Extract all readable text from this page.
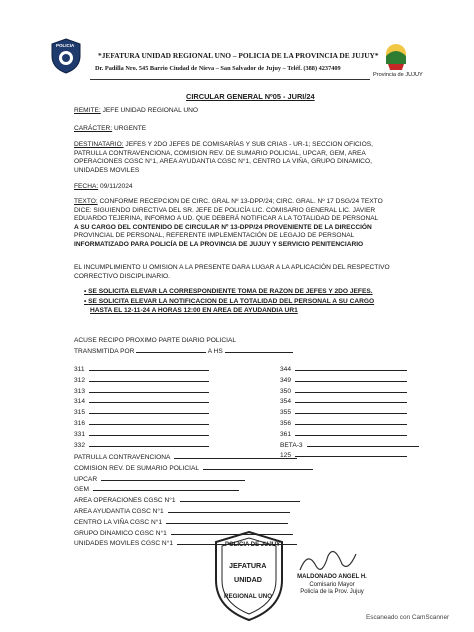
POLICIA
Provincia de JUJUY
*JEFATURA UNIDAD REGIONAL UNO – POLICIA DE LA PROVINCIA DE JUJUY*
Dr. Padilla Nro. 545 Barrio Ciudad de Nieva – San Salvador de Jujuy – Teléf. (388) 4237409
CIRCULAR GENERAL Nº05 - JURI/24
REMITE: JEFE UNIDAD REGIONAL UNO
CARÁCTER: URGENTE
DESTINATARIO: JEFES Y 2DO JEFES DE COMISARÍAS Y SUB CRIAS - UR-1; SECCION OFICIOS,
PATRULLA CONTRAVENCIONA, COMISION REV. DE SUMARIO POLICIAL, UPCAR, GEM, AREA
OPERACIONES CGSC N°1, AREA AYUDANTIA CGSC N°1, CENTRO LA VIÑA, GRUPO DINAMICO,
UNIDADES MOVILES
FECHA: 09/11/2024
TEXTO: CONFORME RECEPCION DE CIRC. GRAL Nº 13-DPP/24; CIRC. GRAL. Nº 17 DSG/24 TEXTO
DICE: SIGUIENDO DIRECTIVA DEL SR. JEFE DE POLICÍA LIC. COMISARIO GENERAL LIC. JAVIER
EDUARDO TEJERINA, INFORMO A UD. QUE DEBERÁ NOTIFICAR A LA TOTALIDAD DE PERSONAL
A SU CARGO DEL CONTENIDO DE CIRCULAR Nº 13-DPP/24 PROVENIENTE DE LA DIRECCIÓN
PROVINCIAL DE PERSONAL, REFERENTE IMPLEMENTACIÓN DE LEGAJO DE PERSONAL
INFORMATIZADO PARA POLICÍA DE LA PROVINCIA DE JUJUY Y SERVICIO PENITENCIARIO
EL INCUMPLIMIENTO U OMISION A LA PRESENTE DARA LUGAR A LA APLICACIÓN DEL RESPECTIVO
CORRECTIVO DISCIPLINARIO.
• SE SOLICITA ELEVAR LA CORRESPONDIENTE TOMA DE RAZON DE JEFES Y 2DO JEFES.
• SE SOLICITA ELEVAR LA NOTIFICACION DE LA TOTALIDAD DEL PERSONAL A SU CARGO
HASTA EL 12-11-24 A HORAS 12:00 EN AREA DE AYUDANDIA UR1
ACUSE RECIPO PROXIMO PARTE DIARIO POLICIAL
TRANSMITIDA POR	A HS
311
312
313
314
315
316
331
332
344
349
350
354
355
356
361
BETA-3
125
PATRULLA CONTRAVENCIONA
COMISION REV. DE SUMARIO POLICIAL
UPCAR
GEM
AREA OPERACIONES CGSC N°1
AREA AYUDANTIA CGSC N°1
CENTRO LA VIÑA CGSC N°1
GRUPO DINAMICO CGSC N°1
UNIDADES MOVILES CGSC N°1	POLICIA DE JUJUY
JEFATURA
UNIDAD
REGIONAL UNO
MALDONADO ANGEL H.
Comisario Mayor
Policía de la Prov. Jujuy
Escaneado con CamScanner
